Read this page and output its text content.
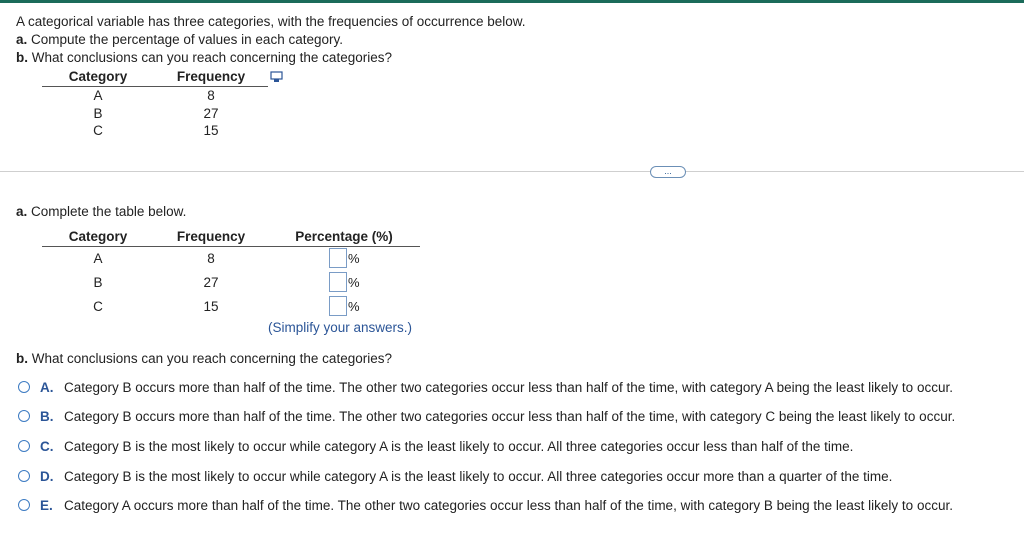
A categorical variable has three categories, with the frequencies of occurrence below.
a. Compute the percentage of values in each category.
b. What conclusions can you reach concerning the categories?
Category	Frequency
A	8
B	27
C	15
...
a. Complete the table below.
Category	Frequency	Percentage (%)
A	8	%
B	27	%
C	15	%
(Simplify your answers.)
b. What conclusions can you reach concerning the categories?
A. Category B occurs more than half of the time. The other two categories occur less than half of the time, with category A being the least likely to occur.
B. Category B occurs more than half of the time. The other two categories occur less than half of the time, with category C being the least likely to occur.
C. Category B is the most likely to occur while category A is the least likely to occur. All three categories occur less than half of the time.
D. Category B is the most likely to occur while category A is the least likely to occur. All three categories occur more than a quarter of the time.
E. Category A occurs more than half of the time. The other two categories occur less than half of the time, with category B being the least likely to occur.
